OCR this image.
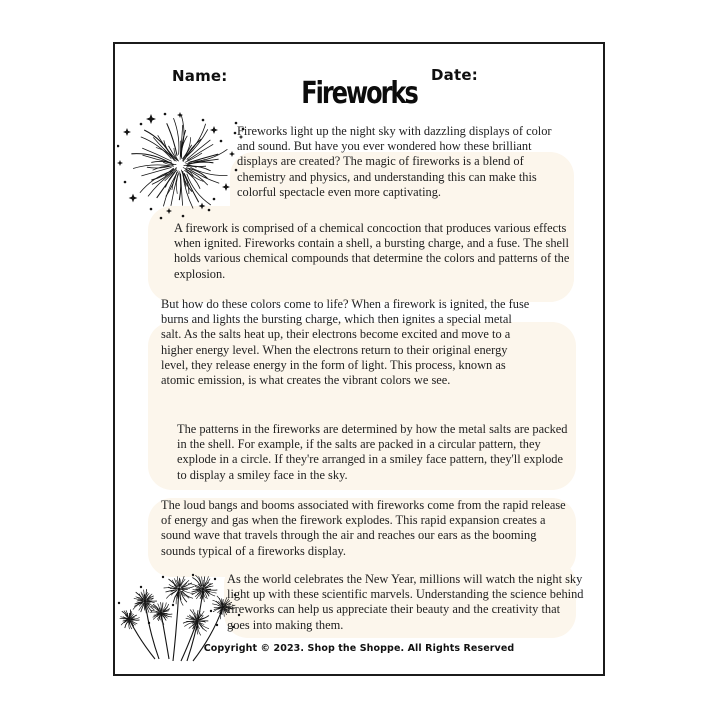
Name:	Date:
Fireworks
Fireworks light up the night sky with dazzling displays of color and sound. But have you ever wondered how these brilliant displays are created? The magic of fireworks is a blend of chemistry and physics, and understanding this can make this colorful spectacle even more captivating.
A firework is comprised of a chemical concoction that produces various effects when ignited. Fireworks contain a shell, a bursting charge, and a fuse. The shell holds various chemical compounds that determine the colors and patterns of the explosion.
But how do these colors come to life? When a firework is ignited, the fuse burns and lights the bursting charge, which then ignites a special metal salt. As the salts heat up, their electrons become excited and move to a higher energy level. When the electrons return to their original energy level, they release energy in the form of light. This process, known as atomic emission, is what creates the vibrant colors we see.
The patterns in the fireworks are determined by how the metal salts are packed in the shell. For example, if the salts are packed in a circular pattern, they explode in a circle. If they're arranged in a smiley face pattern, they'll explode to display a smiley face in the sky.
The loud bangs and booms associated with fireworks come from the rapid release of energy and gas when the firework explodes. This rapid expansion creates a sound wave that travels through the air and reaches our ears as the booming sounds typical of a fireworks display.
As the world celebrates the New Year, millions will watch the night sky light up with these scientific marvels. Understanding the science behind fireworks can help us appreciate their beauty and the creativity that goes into making them.
Copyright © 2023. Shop the Shoppe. All Rights Reserved
